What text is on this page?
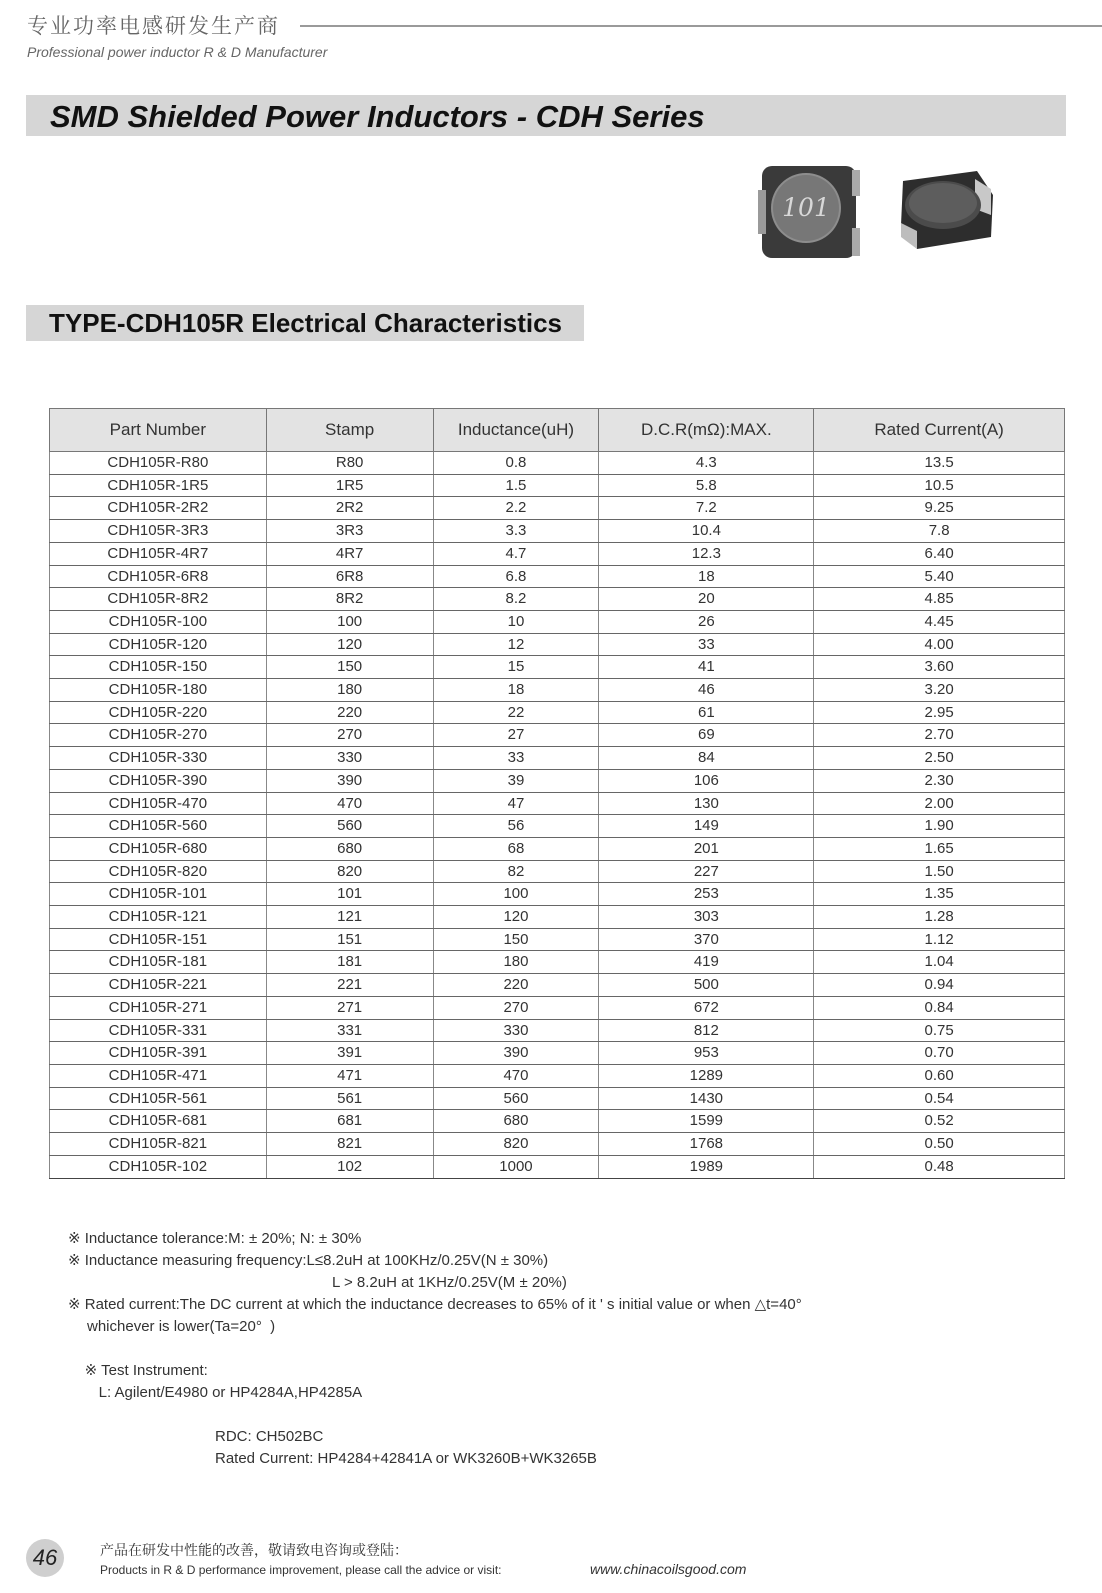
专业功率电感研发生产商
Professional power inductor R & D Manufacturer
SMD Shielded Power Inductors - CDH Series
101
TYPE-CDH105R Electrical Characteristics
Part Number	Stamp	Inductance(uH)	D.C.R(mΩ):MAX.	Rated Current(A)
CDH105R-R80	R80	0.8	4.3	13.5
CDH105R-1R5	1R5	1.5	5.8	10.5
CDH105R-2R2	2R2	2.2	7.2	9.25
CDH105R-3R3	3R3	3.3	10.4	7.8
CDH105R-4R7	4R7	4.7	12.3	6.40
CDH105R-6R8	6R8	6.8	18	5.40
CDH105R-8R2	8R2	8.2	20	4.85
CDH105R-100	100	10	26	4.45
CDH105R-120	120	12	33	4.00
CDH105R-150	150	15	41	3.60
CDH105R-180	180	18	46	3.20
CDH105R-220	220	22	61	2.95
CDH105R-270	270	27	69	2.70
CDH105R-330	330	33	84	2.50
CDH105R-390	390	39	106	2.30
CDH105R-470	470	47	130	2.00
CDH105R-560	560	56	149	1.90
CDH105R-680	680	68	201	1.65
CDH105R-820	820	82	227	1.50
CDH105R-101	101	100	253	1.35
CDH105R-121	121	120	303	1.28
CDH105R-151	151	150	370	1.12
CDH105R-181	181	180	419	1.04
CDH105R-221	221	220	500	0.94
CDH105R-271	271	270	672	0.84
CDH105R-331	331	330	812	0.75
CDH105R-391	391	390	953	0.70
CDH105R-471	471	470	1289	0.60
CDH105R-561	561	560	1430	0.54
CDH105R-681	681	680	1599	0.52
CDH105R-821	821	820	1768	0.50
CDH105R-102	102	1000	1989	0.48
※ Inductance tolerance:M: ± 20%; N: ± 30%
※ Inductance measuring frequency:L≤8.2uH at 100KHz/0.25V(N ± 30%)
L > 8.2uH at 1KHz/0.25V(M ± 20%)
※ Rated current:The DC current at which the inductance decreases to 65% of it ' s initial value or when △t=40°
whichever is lower(Ta=20°  )

※ Test Instrument:
L: Agilent/E4980 or HP4284A,HP4285A

RDC: CH502BC
Rated Current: HP4284+42841A or WK3260B+WK3265B
46	产品在研发中性能的改善，敬请致电咨询或登陆：
Products in R & D performance improvement, please call the advice or visit:	www.chinacoilsgood.com
